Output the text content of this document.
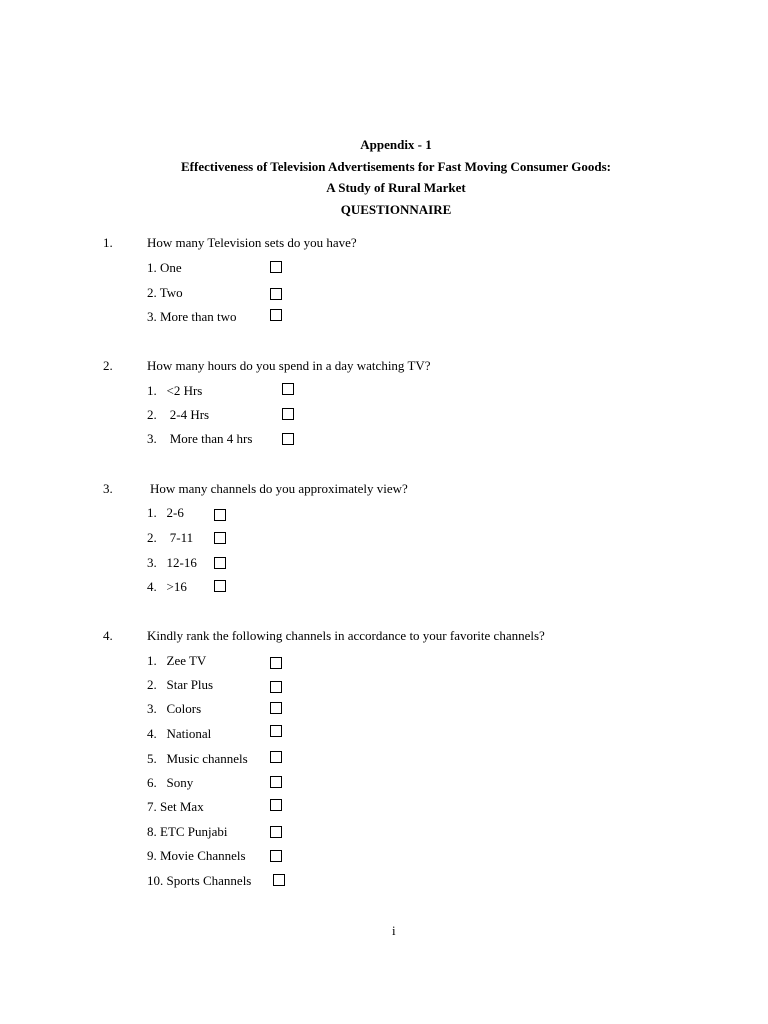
Appendix - 1
Effectiveness of Television Advertisements for Fast Moving Consumer Goods:
A Study of Rural Market
QUESTIONNAIRE
1.	How many Television sets do you have?
1. One
2. Two
3. More than two
2.	How many hours do you spend in a day watching TV?
1.   <2 Hrs
2.    2-4 Hrs
3.    More than 4 hrs
3.	How many channels do you approximately view?
1.   2-6
2.    7-11
3.   12-16
4.   >16
4.	Kindly rank the following channels in accordance to your favorite channels?
1.   Zee TV
2.   Star Plus
3.   Colors
4.   National
5.   Music channels
6.   Sony
7. Set Max
8. ETC Punjabi
9. Movie Channels
10. Sports Channels
i
